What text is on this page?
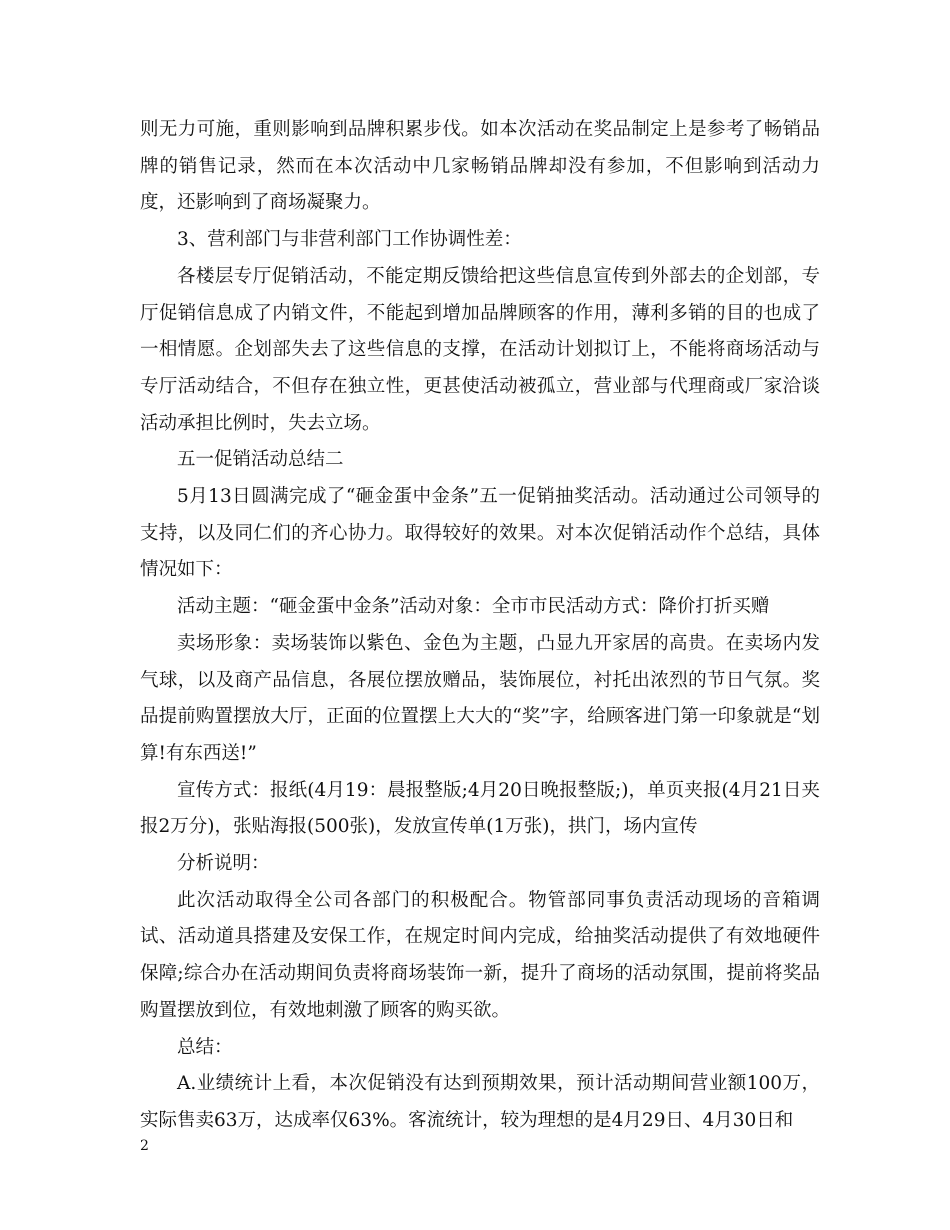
则无力可施，重则影响到品牌积累步伐。如本次活动在奖品制定上是参考了畅销品牌的销售记录，然而在本次活动中几家畅销品牌却没有参加，不但影响到活动力度，还影响到了商场凝聚力。

3、营利部门与非营利部门工作协调性差：

各楼层专厅促销活动，不能定期反馈给把这些信息宣传到外部去的企划部，专厅促销信息成了内销文件，不能起到增加品牌顾客的作用，薄利多销的目的也成了一相情愿。企划部失去了这些信息的支撑，在活动计划拟订上，不能将商场活动与专厅活动结合，不但存在独立性，更甚使活动被孤立，营业部与代理商或厂家洽谈活动承担比例时，失去立场。

五一促销活动总结二

5月13日圆满完成了“砸金蛋中金条”五一促销抽奖活动。活动通过公司领导的支持，以及同仁们的齐心协力。取得较好的效果。对本次促销活动作个总结，具体情况如下：

活动主题：“砸金蛋中金条”活动对象：全市市民活动方式：降价打折买赠

卖场形象：卖场装饰以紫色、金色为主题，凸显九开家居的高贵。在卖场内发气球，以及商产品信息，各展位摆放赠品，装饰展位，衬托出浓烈的节日气氛。奖品提前购置摆放大厅，正面的位置摆上大大的“奖”字，给顾客进门第一印象就是“划算!有东西送!”

宣传方式：报纸(4月19：晨报整版;4月20日晚报整版;)，单页夹报(4月21日夹报2万分)，张贴海报(500张)，发放宣传单(1万张)，拱门，场内宣传

分析说明：

此次活动取得全公司各部门的积极配合。物管部同事负责活动现场的音箱调试、活动道具搭建及安保工作，在规定时间内完成，给抽奖活动提供了有效地硬件保障;综合办在活动期间负责将商场装饰一新，提升了商场的活动氛围，提前将奖品购置摆放到位，有效地刺激了顾客的购买欲。

总结：

A.业绩统计上看，本次促销没有达到预期效果，预计活动期间营业额100万，实际售卖63万，达成率仅63%。客流统计，较为理想的是4月29日、4月30日和

2
